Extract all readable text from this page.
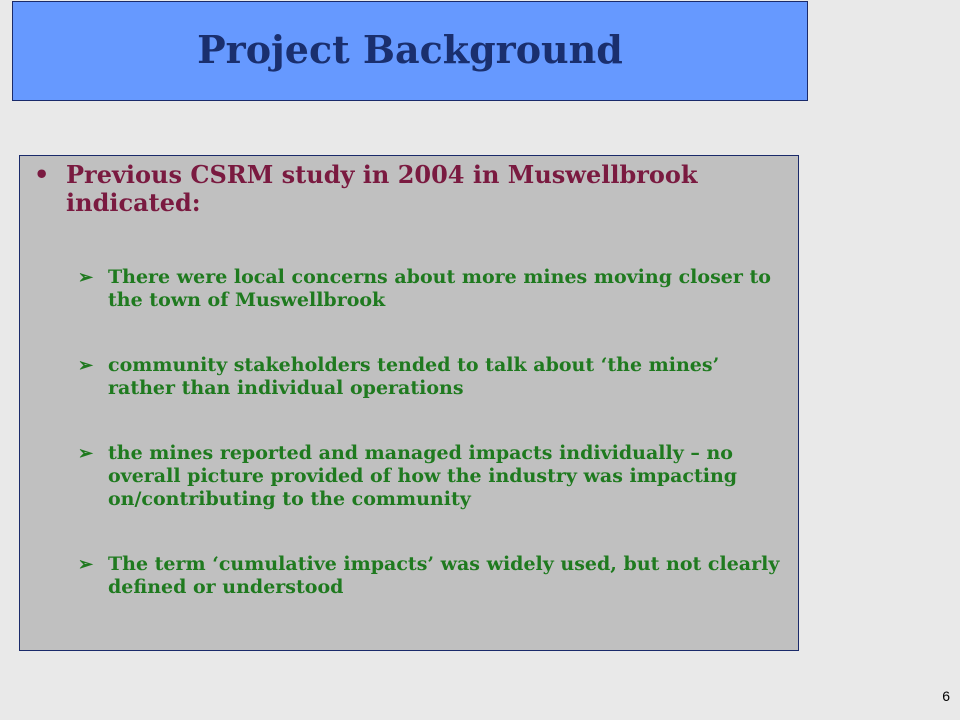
Project Background
• Previous CSRM study in 2004 in Muswellbrook indicated:
➢ There were local concerns about more mines moving closer to the town of Muswellbrook
➢ community stakeholders tended to talk about ‘the mines’ rather than individual operations
➢ the mines reported and managed impacts individually – no overall picture provided of how the industry was impacting on/contributing to the community
➢ The term ‘cumulative impacts’ was widely used, but not clearly defined or understood
6
